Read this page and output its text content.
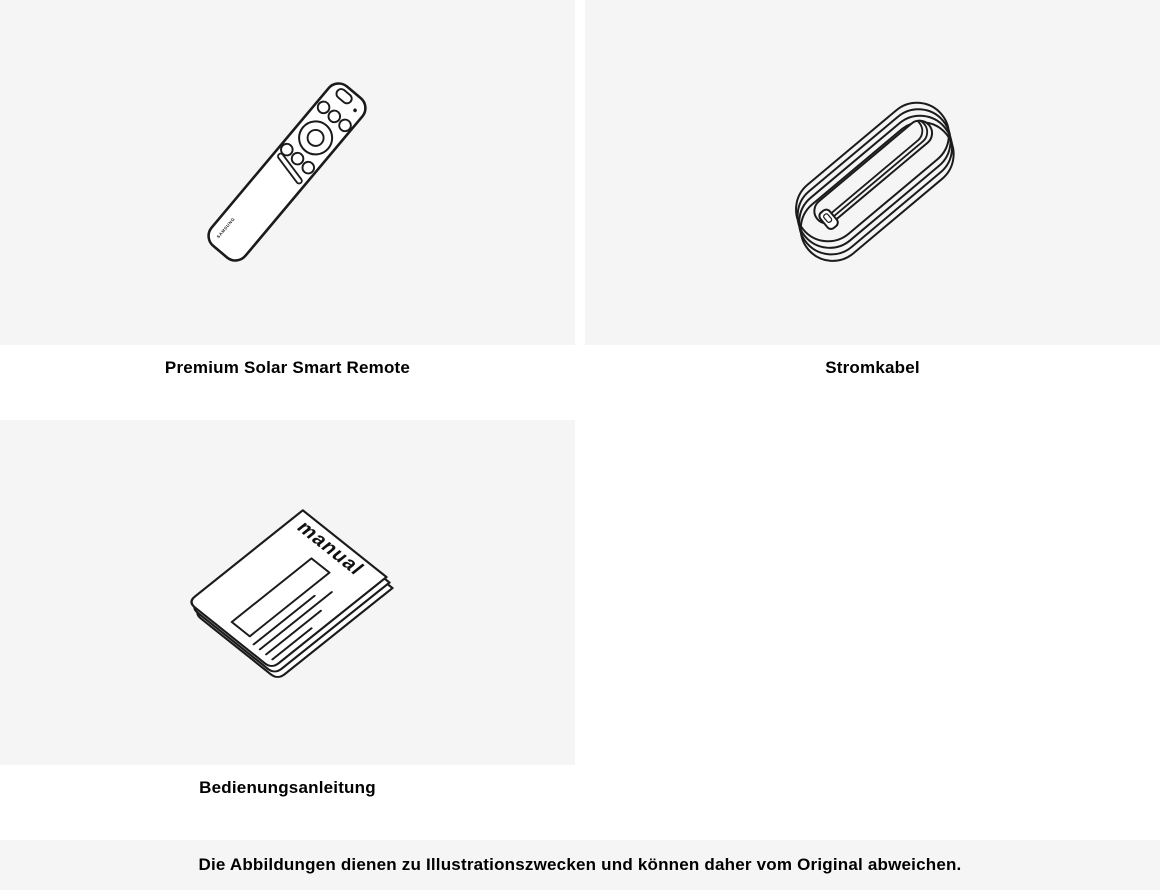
SAMSUNG
Premium Solar Smart Remote	Stromkabel
manual
Bedienungsanleitung

Die Abbildungen dienen zu Illustrationszwecken und können daher vom Original abweichen.
